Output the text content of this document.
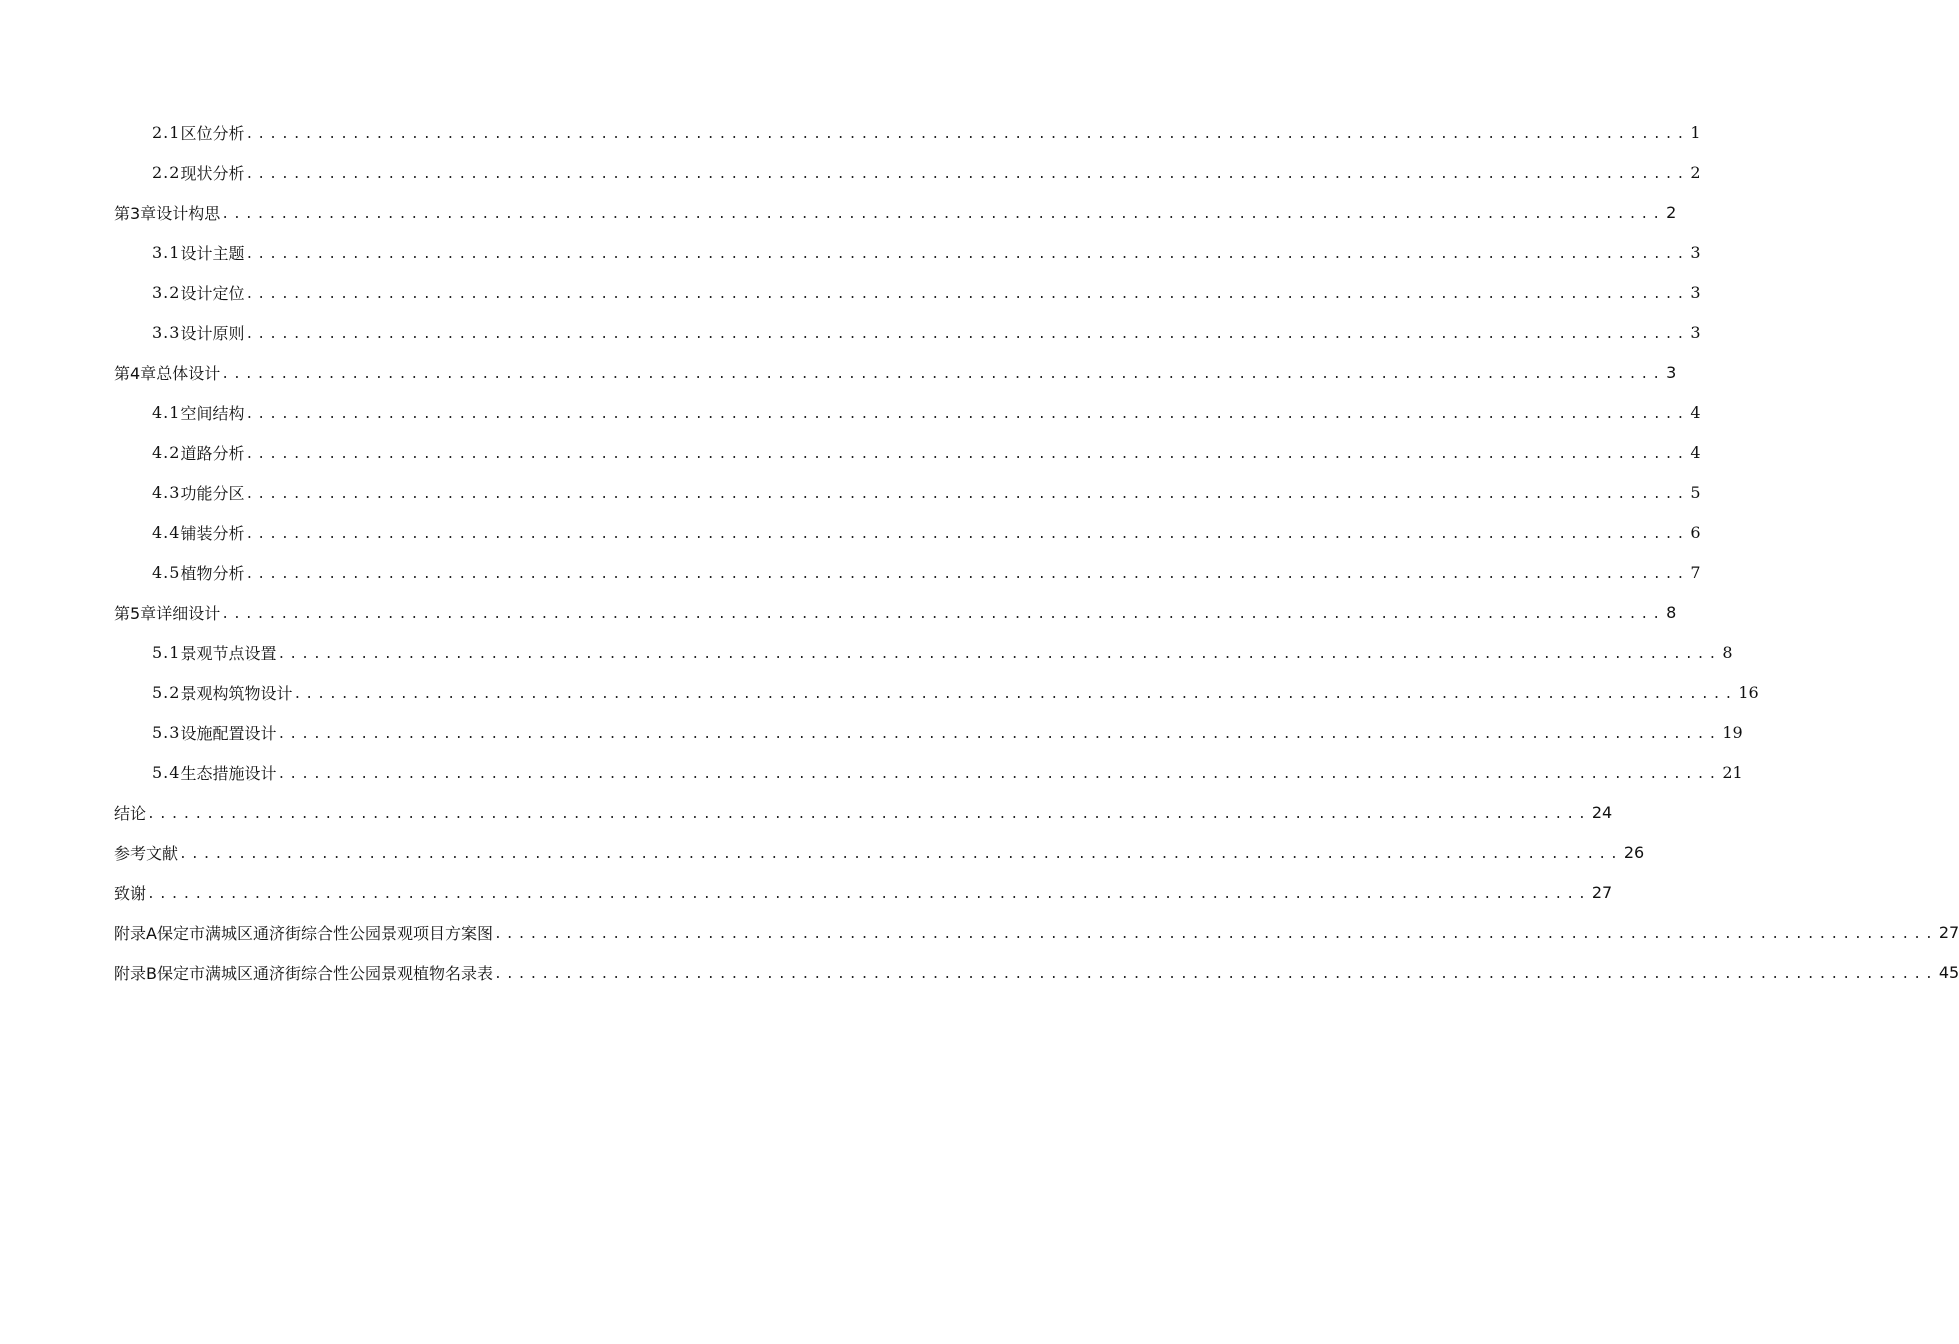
2.1 区位分析 .......................................................................................................................... 1
2.2 现状分析 .......................................................................................................................... 2
第3章 设计构思 .......................................................................................................................... 2
3.1 设计主题 .......................................................................................................................... 3
3.2 设计定位 .......................................................................................................................... 3
3.3 设计原则 .......................................................................................................................... 3
第4章 总体设计 .......................................................................................................................... 3
4.1 空间结构 .......................................................................................................................... 4
4.2 道路分析 .......................................................................................................................... 4
4.3 功能分区 .......................................................................................................................... 5
4.4 铺装分析 .......................................................................................................................... 6
4.5 植物分析 .......................................................................................................................... 7
第5章 详细设计 .......................................................................................................................... 8
5.1 景观节点设置 .......................................................................................................................... 8
5.2 景观构筑物设计 .......................................................................................................................... 16
5.3 设施配置设计 .......................................................................................................................... 19
5.4 生态措施设计 .......................................................................................................................... 21
结论 .......................................................................................................................... 24
参考文献 .......................................................................................................................... 26
致谢 .......................................................................................................................... 27
附录A 保定市满城区通济街综合性公园景观项目方案图 .......................................................................................................................... 27
附录B 保定市满城区通济街综合性公园景观植物名录表 .......................................................................................................................... 45
